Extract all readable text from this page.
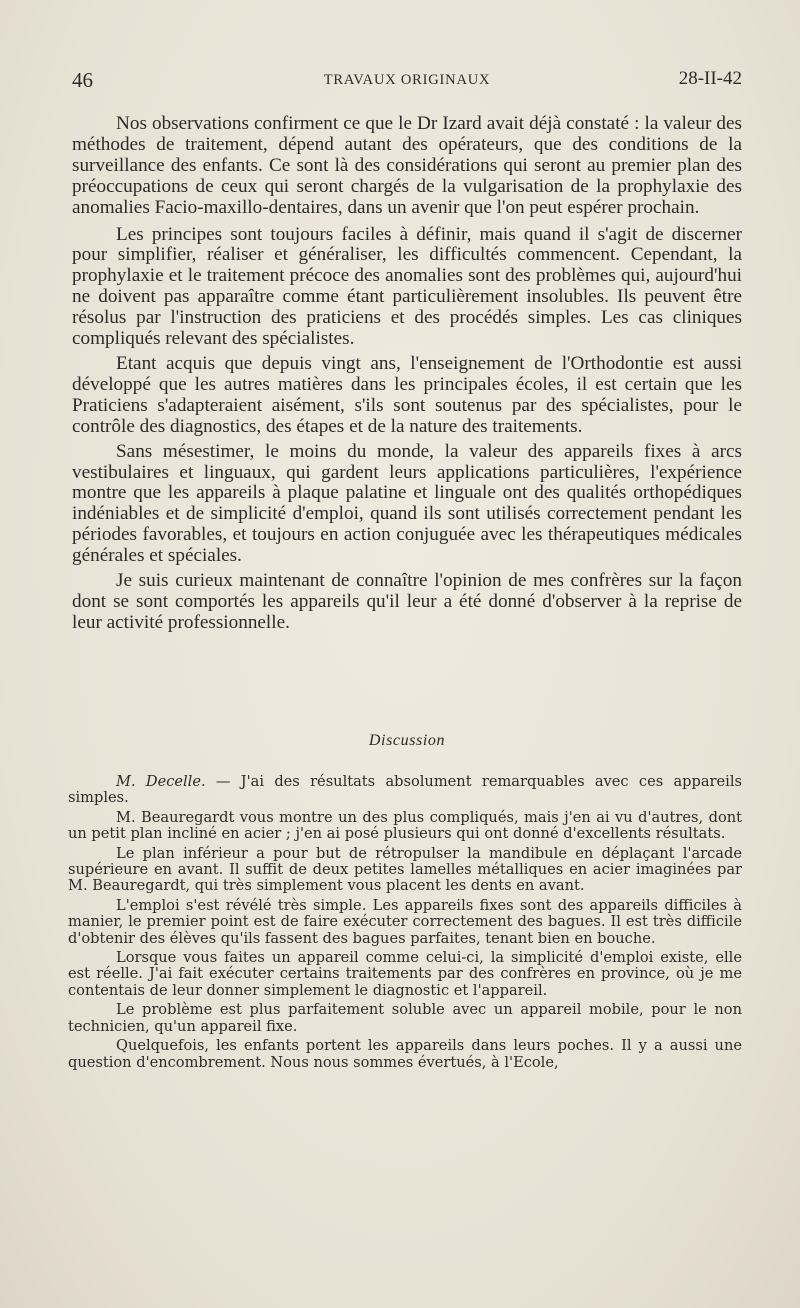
46	TRAVAUX ORIGINAUX	28-II-42

Nos observations confirment ce que le Dr Izard avait déjà constaté : la valeur des méthodes de traitement, dépend autant des opérateurs, que des conditions de la surveillance des enfants. Ce sont là des considérations qui seront au premier plan des préoccupations de ceux qui seront chargés de la vulgarisation de la prophylaxie des anomalies Facio-maxillo-dentaires, dans un avenir que l'on peut espérer prochain.

Les principes sont toujours faciles à définir, mais quand il s'agit de discerner pour simplifier, réaliser et généraliser, les difficultés commencent. Cependant, la prophylaxie et le traitement précoce des anomalies sont des problèmes qui, aujourd'hui ne doivent pas apparaître comme étant particulièrement insolubles. Ils peuvent être résolus par l'instruction des praticiens et des procédés simples. Les cas cliniques compliqués relevant des spécialistes.

Etant acquis que depuis vingt ans, l'enseignement de l'Orthodontie est aussi développé que les autres matières dans les principales écoles, il est certain que les Praticiens s'adapteraient aisément, s'ils sont soutenus par des spécialistes, pour le contrôle des diagnostics, des étapes et de la nature des traitements.

Sans mésestimer, le moins du monde, la valeur des appareils fixes à arcs vestibulaires et linguaux, qui gardent leurs applications particulières, l'expérience montre que les appareils à plaque palatine et linguale ont des qualités orthopédiques indéniables et de simplicité d'emploi, quand ils sont utilisés correctement pendant les périodes favorables, et toujours en action conjuguée avec les thérapeutiques médicales générales et spéciales.

Je suis curieux maintenant de connaître l'opinion de mes confrères sur la façon dont se sont comportés les appareils qu'il leur a été donné d'observer à la reprise de leur activité professionnelle.

Discussion

M. Decelle. — J'ai des résultats absolument remarquables avec ces appareils simples.

M. Beauregardt vous montre un des plus compliqués, mais j'en ai vu d'autres, dont un petit plan incliné en acier ; j'en ai posé plusieurs qui ont donné d'excellents résultats.

Le plan inférieur a pour but de rétropulser la mandibule en déplaçant l'arcade supérieure en avant. Il suffit de deux petites lamelles métalliques en acier imaginées par M. Beauregardt, qui très simplement vous placent les dents en avant.

L'emploi s'est révélé très simple. Les appareils fixes sont des appareils difficiles à manier, le premier point est de faire exécuter correctement des bagues. Il est très difficile d'obtenir des élèves qu'ils fassent des bagues parfaites, tenant bien en bouche.

Lorsque vous faites un appareil comme celui-ci, la simplicité d'emploi existe, elle est réelle. J'ai fait exécuter certains traitements par des confrères en province, où je me contentais de leur donner simplement le diagnostic et l'appareil.

Le problème est plus parfaitement soluble avec un appareil mobile, pour le non technicien, qu'un appareil fixe.

Quelquefois, les enfants portent les appareils dans leurs poches. Il y a aussi une question d'encombrement. Nous nous sommes évertués, à l'Ecole,
